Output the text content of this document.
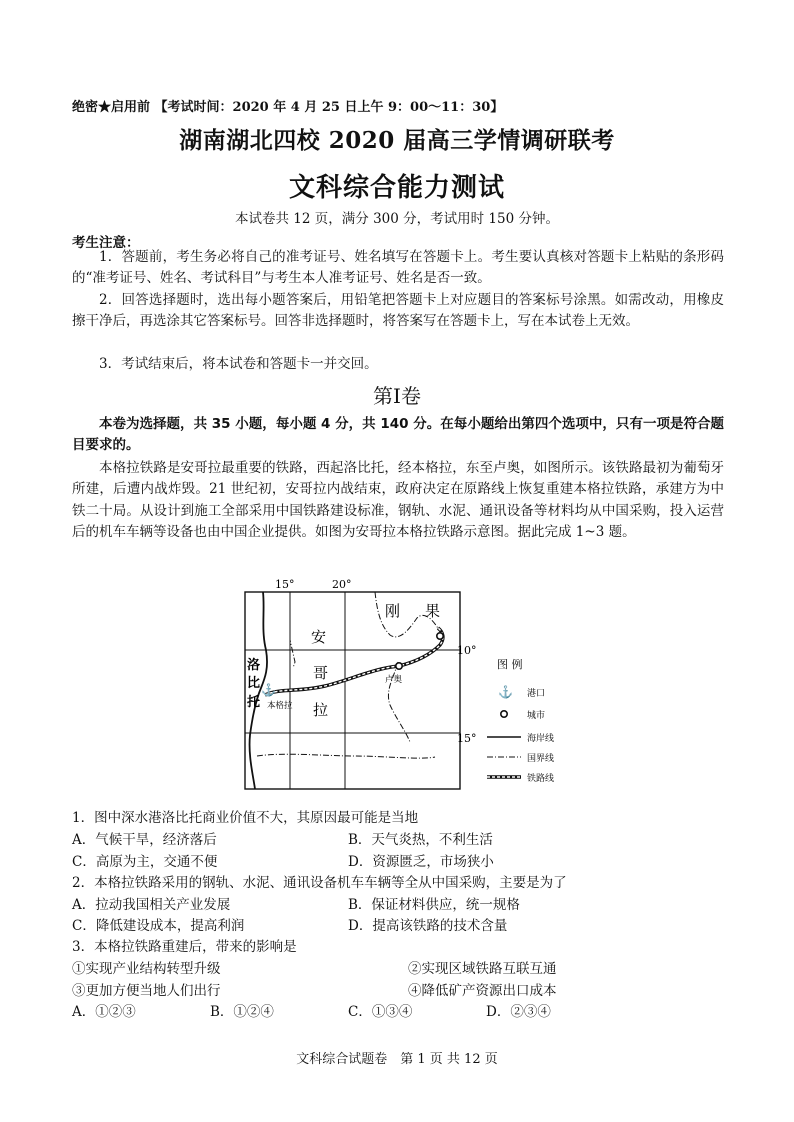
绝密★启用前 【考试时间：2020 年 4 月 25 日上午 9：00～11：30】
湖南湖北四校 2020 届高三学情调研联考
文科综合能力测试
本试卷共 12 页，满分 300 分，考试用时 150 分钟。
考生注意：
1．答题前，考生务必将自己的准考证号、姓名填写在答题卡上。考生要认真核对答题卡上粘贴的条形码的“准考证号、姓名、考试科目”与考生本人准考证号、姓名是否一致。
2．回答选择题时，选出每小题答案后，用铅笔把答题卡上对应题目的答案标号涂黑。如需改动，用橡皮擦干净后，再选涂其它答案标号。回答非选择题时，将答案写在答题卡上，写在本试卷上无效。
3．考试结束后，将本试卷和答题卡一并交回。
第Ⅰ卷
本卷为选择题，共 35 小题，每小题 4 分，共 140 分。在每小题给出第四个选项中，只有一项是符合题目要求的。
本格拉铁路是安哥拉最重要的铁路，西起洛比托，经本格拉，东至卢奥，如图所示。该铁路最初为葡萄牙所建，后遭内战炸毁。21 世纪初，安哥拉内战结束，政府决定在原路线上恢复重建本格拉铁路，承建方为中铁二十局。从设计到施工全部采用中国铁路建设标准，钢轨、水泥、通讯设备等材料均从中国采购，投入运营后的机车车辆等设备也由中国企业提供。如图为安哥拉本格拉铁路示意图。据此完成 1~3 题。
15°	20°
⚓
安
哥
拉
刚 果
洛
比
托 本格拉
卢奥
10°
15°
图 例
⚓ 港口
城市
海岸线
国界线
铁路线
1．图中深水港洛比托商业价值不大，其原因最可能是当地
A．气候干旱，经济落后	B．天气炎热，不利生活
C．高原为主，交通不便	D．资源匮乏，市场狭小
2．本格拉铁路采用的钢轨、水泥、通讯设备机车车辆等全从中国采购，主要是为了
A．拉动我国相关产业发展	B．保证材料供应，统一规格
C．降低建设成本，提高利润	D．提高该铁路的技术含量
3．本格拉铁路重建后，带来的影响是
①实现产业结构转型升级	②实现区域铁路互联互通
③更加方便当地人们出行	④降低矿产资源出口成本
A．①②③	B．①②④	C．①③④	D．②③④
文科综合试题卷　第 1 页 共 12 页
